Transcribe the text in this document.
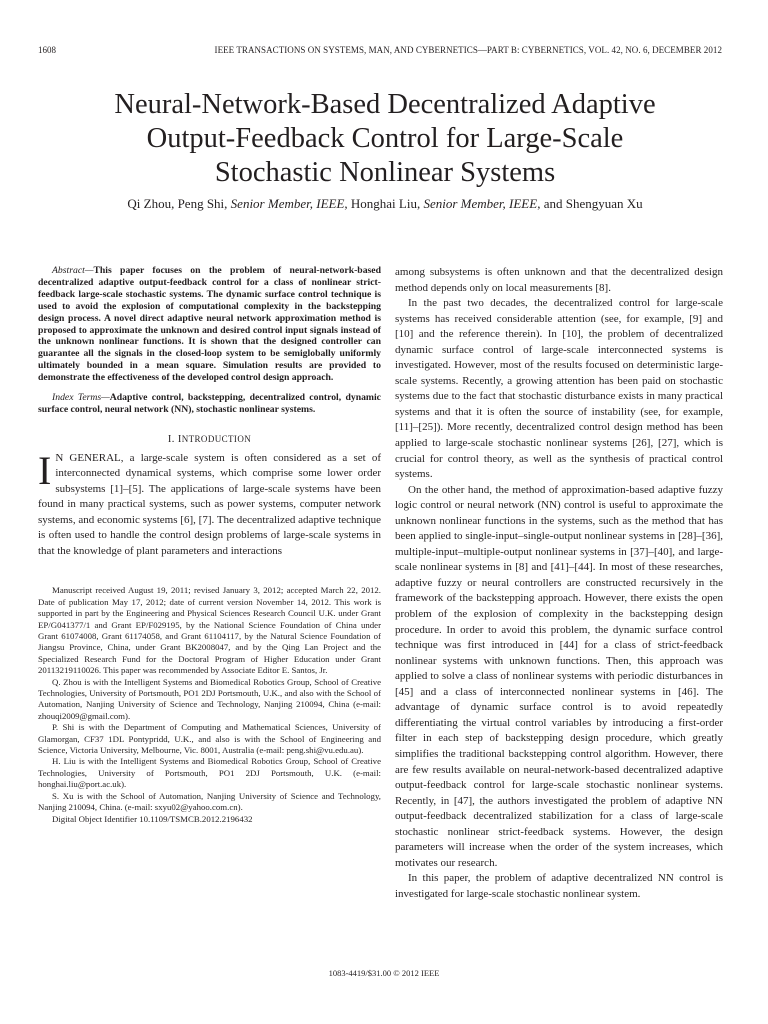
1608	IEEE TRANSACTIONS ON SYSTEMS, MAN, AND CYBERNETICS—PART B: CYBERNETICS, VOL. 42, NO. 6, DECEMBER 2012
Neural-Network-Based Decentralized Adaptive
Output-Feedback Control for Large-Scale
Stochastic Nonlinear Systems
Qi Zhou, Peng Shi, Senior Member, IEEE, Honghai Liu, Senior Member, IEEE, and Shengyuan Xu

Abstract—This paper focuses on the problem of neural-network-based decentralized adaptive output-feedback control for a class of nonlinear strict-feedback large-scale stochastic systems. The dynamic surface control technique is used to avoid the explosion of computational complexity in the backstepping design process. A novel direct adaptive neural network approximation method is proposed to approximate the unknown and desired control input signals instead of the unknown nonlinear functions. It is shown that the designed controller can guarantee all the signals in the closed-loop system to be semiglobally uniformly ultimately bounded in a mean square. Simulation results are provided to demonstrate the effectiveness of the developed control design approach.

Index Terms—Adaptive control, backstepping, decentralized control, dynamic surface control, neural network (NN), stochastic nonlinear systems.

I. INTRODUCTION

I N GENERAL, a large-scale system is often considered as a set of interconnected dynamical systems, which comprise some lower order subsystems [1]–[5]. The applications of large-scale systems have been found in many practical systems, such as power systems, computer network systems, and economic systems [6], [7]. The decentralized adaptive technique is often used to handle the control design problems of large-scale systems in that the knowledge of plant parameters and interactions

Manuscript received August 19, 2011; revised January 3, 2012; accepted March 22, 2012. Date of publication May 17, 2012; date of current version November 14, 2012. This work is supported in part by the Engineering and Physical Sciences Research Council U.K. under Grant EP/G041377/1 and Grant EP/F029195, by the National Science Foundation of China under Grant 61074008, Grant 61174058, and Grant 61104117, by the Natural Science Foundation of Jiangsu Province, China, under Grant BK2008047, and by the Qing Lan Project and the Specialized Research Fund for the Doctoral Program of Higher Education under Grant 20113219110026. This paper was recommended by Associate Editor E. Santos, Jr.

Q. Zhou is with the Intelligent Systems and Biomedical Robotics Group, School of Creative Technologies, University of Portsmouth, PO1 2DJ Portsmouth, U.K., and also with the School of Automation, Nanjing University of Science and Technology, Nanjing 210094, China (e-mail: zhouqi2009@gmail.com).

P. Shi is with the Department of Computing and Mathematical Sciences, University of Glamorgan, CF37 1DL Pontypridd, U.K., and also is with the School of Engineering and Science, Victoria University, Melbourne, Vic. 8001, Australia (e-mail: peng.shi@vu.edu.au).

H. Liu is with the Intelligent Systems and Biomedical Robotics Group, School of Creative Technologies, University of Portsmouth, PO1 2DJ Portsmouth, U.K. (e-mail: honghai.liu@port.ac.uk).

S. Xu is with the School of Automation, Nanjing University of Science and Technology, Nanjing 210094, China. (e-mail: sxyu02@yahoo.com.cn).

Digital Object Identifier 10.1109/TSMCB.2012.2196432

among subsystems is often unknown and that the decentralized design method depends only on local measurements [8].

In the past two decades, the decentralized control for large-scale systems has received considerable attention (see, for example, [9] and [10] and the reference therein). In [10], the problem of decentralized dynamic surface control of large-scale interconnected systems is investigated. However, most of the results focused on deterministic large-scale systems. Recently, a growing attention has been paid on stochastic systems due to the fact that stochastic disturbance exists in many practical systems and that it is often the source of instability (see, for example, [11]–[25]). More recently, decentralized control design method has been applied to large-scale stochastic nonlinear systems [26], [27], which is crucial for control theory, as well as the synthesis of practical control systems.

On the other hand, the method of approximation-based adaptive fuzzy logic control or neural network (NN) control is useful to approximate the unknown nonlinear functions in the systems, such as the method that has been applied to single-input–single-output nonlinear systems in [28]–[36], multiple-input–multiple-output nonlinear systems in [37]–[40], and large-scale nonlinear systems in [8] and [41]–[44]. In most of these researches, adaptive fuzzy or neural controllers are constructed recursively in the framework of the backstepping approach. However, there exists the open problem of the explosion of complexity in the backstepping design procedure. In order to avoid this problem, the dynamic surface control technique was first introduced in [44] for a class of strict-feedback nonlinear systems with unknown functions. Then, this approach was applied to solve a class of nonlinear systems with periodic disturbances in [45] and a class of interconnected nonlinear systems in [46]. The advantage of dynamic surface control is to avoid repeatedly differentiating the virtual control variables by introducing a first-order filter in each step of backstepping design procedure, which greatly simplifies the traditional backstepping control algorithm. However, there are few results available on neural-network-based decentralized adaptive output-feedback control for large-scale stochastic nonlinear systems. Recently, in [47], the authors investigated the problem of adaptive NN output-feedback decentralized stabilization for a class of large-scale stochastic nonlinear strict-feedback systems. However, the design parameters will increase when the order of the system increases, which motivates our research.

In this paper, the problem of adaptive decentralized NN control is investigated for large-scale stochastic nonlinear system.

1083-4419/$31.00 © 2012 IEEE
